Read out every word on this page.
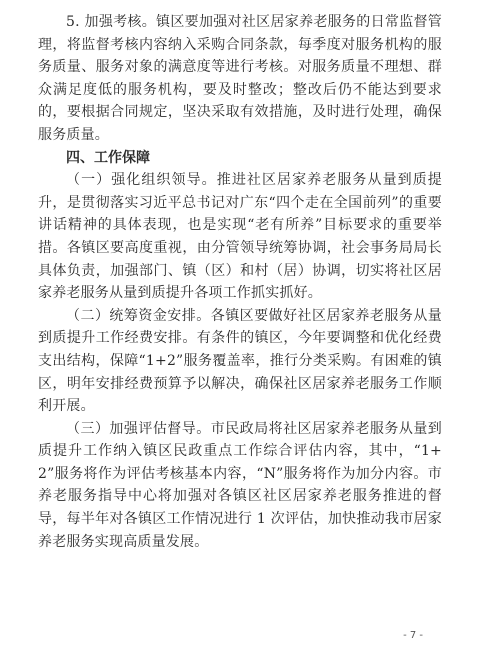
5. 加强考核。镇区要加强对社区居家养老服务的日常监督管理，将监督考核内容纳入采购合同条款，每季度对服务机构的服务质量、服务对象的满意度等进行考核。对服务质量不理想、群众满足度低的服务机构，要及时整改；整改后仍不能达到要求的，要根据合同规定，坚决采取有效措施，及时进行处理，确保服务质量。

四、工作保障

（一）强化组织领导。推进社区居家养老服务从量到质提升，是贯彻落实习近平总书记对广东“四个走在全国前列”的重要讲话精神的具体表现，也是实现“老有所养”目标要求的重要举措。各镇区要高度重视，由分管领导统筹协调，社会事务局局长具体负责，加强部门、镇（区）和村（居）协调，切实将社区居家养老服务从量到质提升各项工作抓实抓好。

（二）统筹资金安排。各镇区要做好社区居家养老服务从量到质提升工作经费安排。有条件的镇区，今年要调整和优化经费支出结构，保障“1+2”服务覆盖率，推行分类采购。有困难的镇区，明年安排经费预算予以解决，确保社区居家养老服务工作顺利开展。

（三）加强评估督导。市民政局将社区居家养老服务从量到质提升工作纳入镇区民政重点工作综合评估内容，其中，“1+2”服务将作为评估考核基本内容，“N”服务将作为加分内容。市养老服务指导中心将加强对各镇区社区居家养老服务推进的督导，每半年对各镇区工作情况进行 1 次评估，加快推动我市居家养老服务实现高质量发展。

- 7 -
